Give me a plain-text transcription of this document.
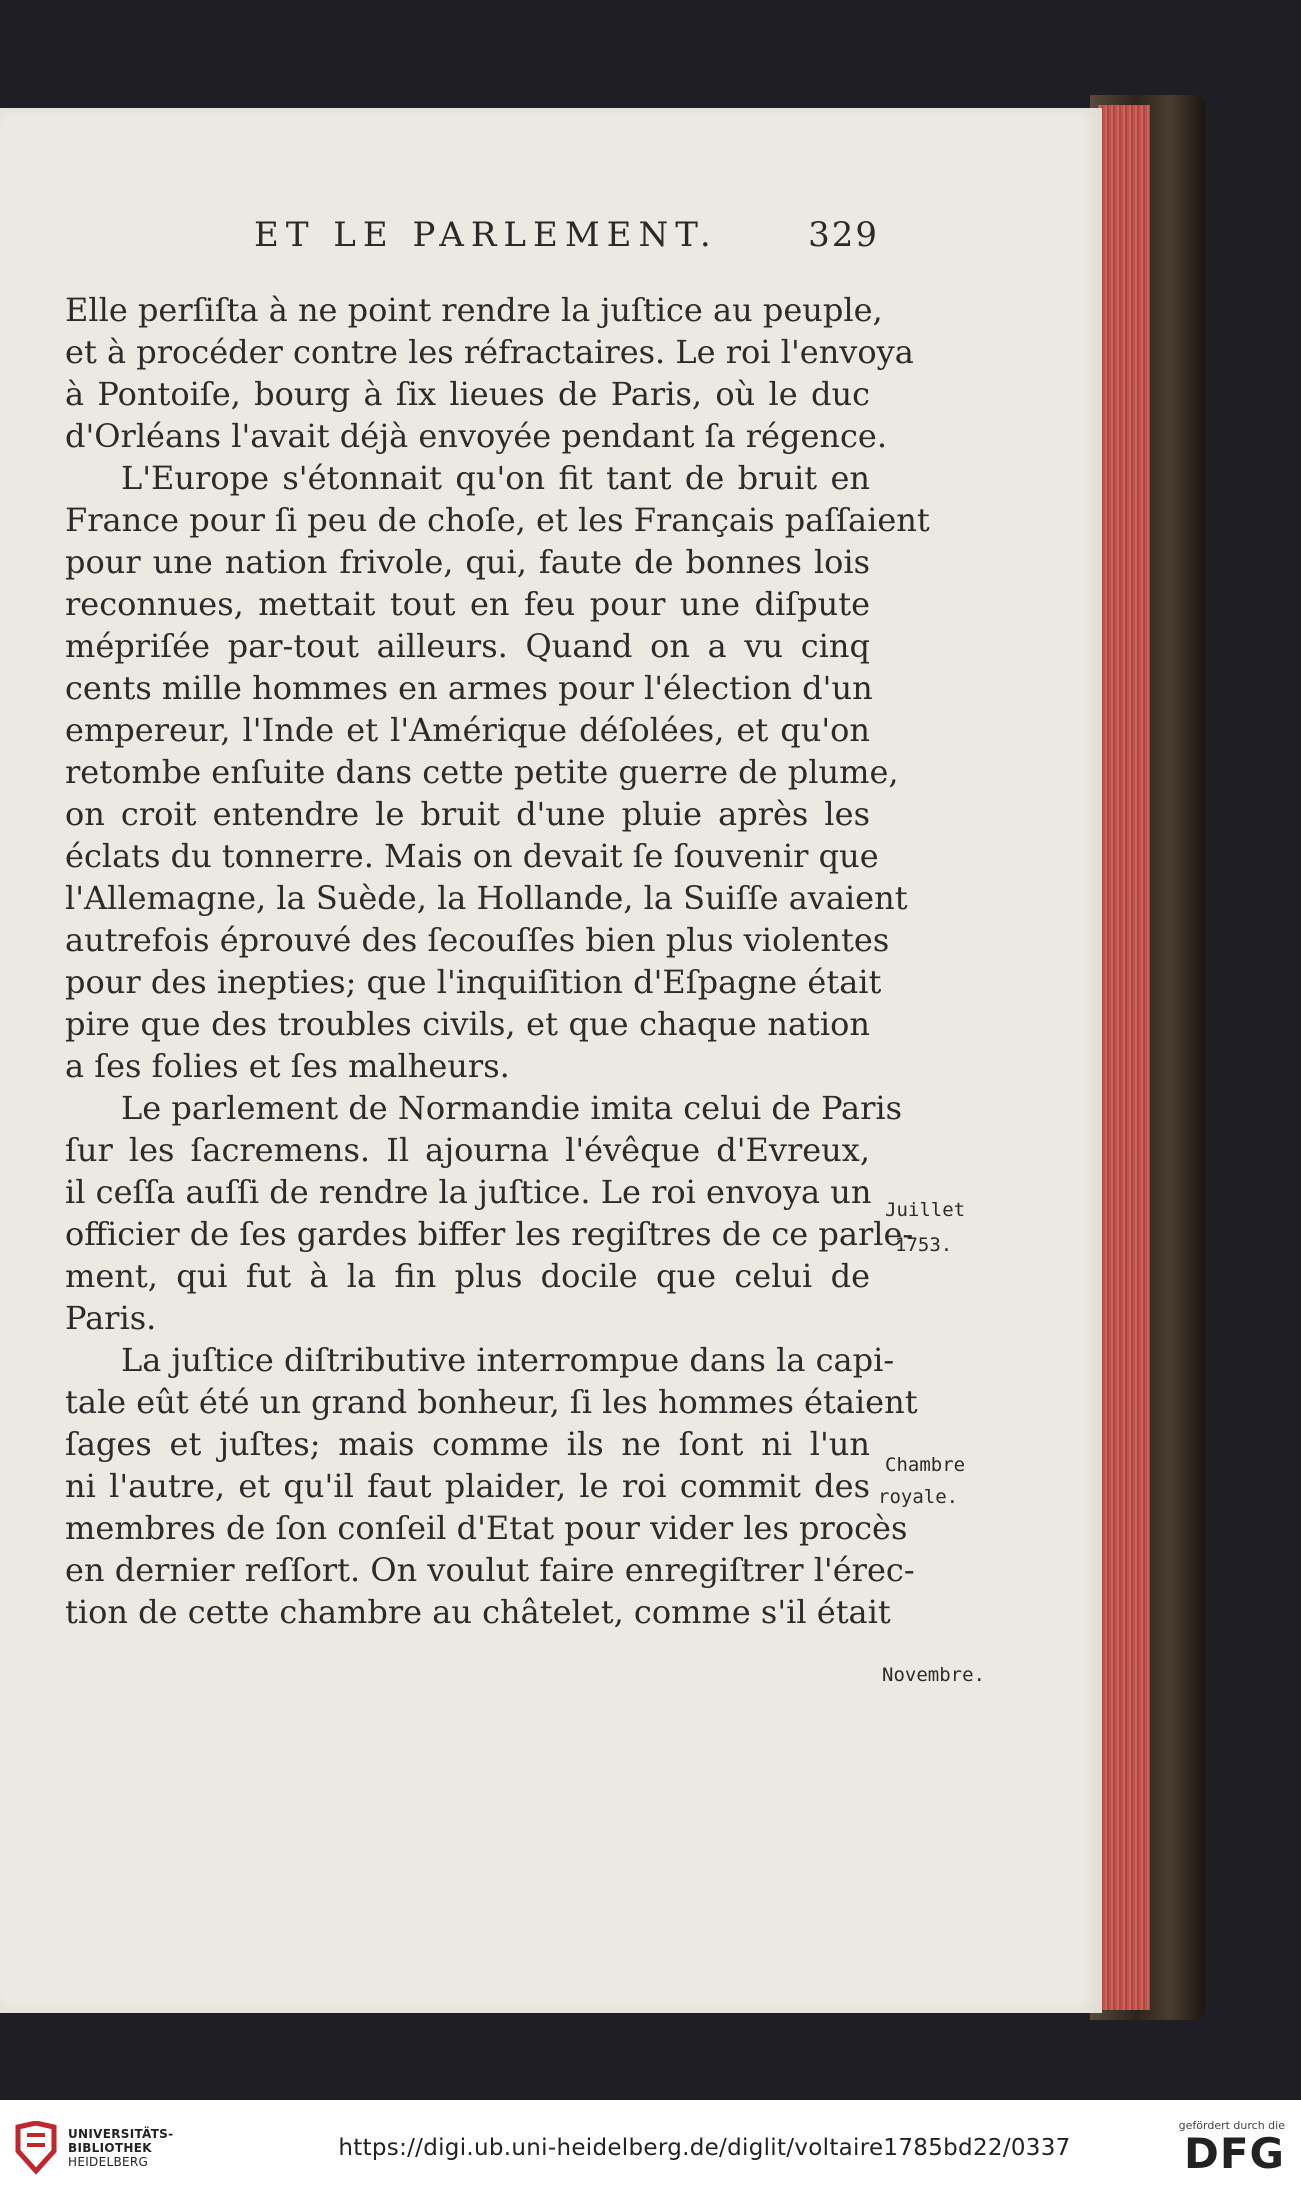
ET LE PARLEMENT.	329
Elle perſiſta à ne point rendre la juſtice au peuple,
et à procéder contre les réfractaires. Le roi l'envoya
à Pontoiſe, bourg à ſix lieues de Paris, où le duc
d'Orléans l'avait déjà envoyée pendant ſa régence.
L'Europe s'étonnait qu'on fit tant de bruit en
France pour ſi peu de choſe, et les Français paſſaient
pour une nation frivole, qui, faute de bonnes lois
reconnues, mettait tout en feu pour une diſpute
mépriſée par-tout ailleurs. Quand on a vu cinq
cents mille hommes en armes pour l'élection d'un
empereur, l'Inde et l'Amérique déſolées, et qu'on
retombe enſuite dans cette petite guerre de plume,
on croit entendre le bruit d'une pluie après les
éclats du tonnerre. Mais on devait ſe ſouvenir que
l'Allemagne, la Suède, la Hollande, la Suiſſe avaient
autrefois éprouvé des ſecouſſes bien plus violentes
pour des inepties; que l'inquiſition d'Eſpagne était
pire que des troubles civils, et que chaque nation
a ſes folies et ſes malheurs.
Le parlement de Normandie imita celui de Paris
ſur les ſacremens. Il ajourna l'évêque d'Evreux,
il ceſſa auſſi de rendre la juſtice. Le roi envoya un
officier de ſes gardes biffer les regiſtres de ce parle-
ment, qui fut à la fin plus docile que celui de
Paris.
La juſtice diſtributive interrompue dans la capi-
tale eût été un grand bonheur, ſi les hommes étaient
ſages et juſtes; mais comme ils ne ſont ni l'un
ni l'autre, et qu'il faut plaider, le roi commit des
membres de ſon conſeil d'Etat pour vider les procès
en dernier reſſort. On voulut faire enregiſtrer l'érec-
tion de cette chambre au châtelet, comme s'il était
Juillet
1753.
Chambre
royale.
Novembre.
UNIVERSITÄTS-
BIBLIOTHEK
HEIDELBERG
https://digi.ub.uni-heidelberg.de/diglit/voltaire1785bd22/0337
gefördert durch die
DFG
